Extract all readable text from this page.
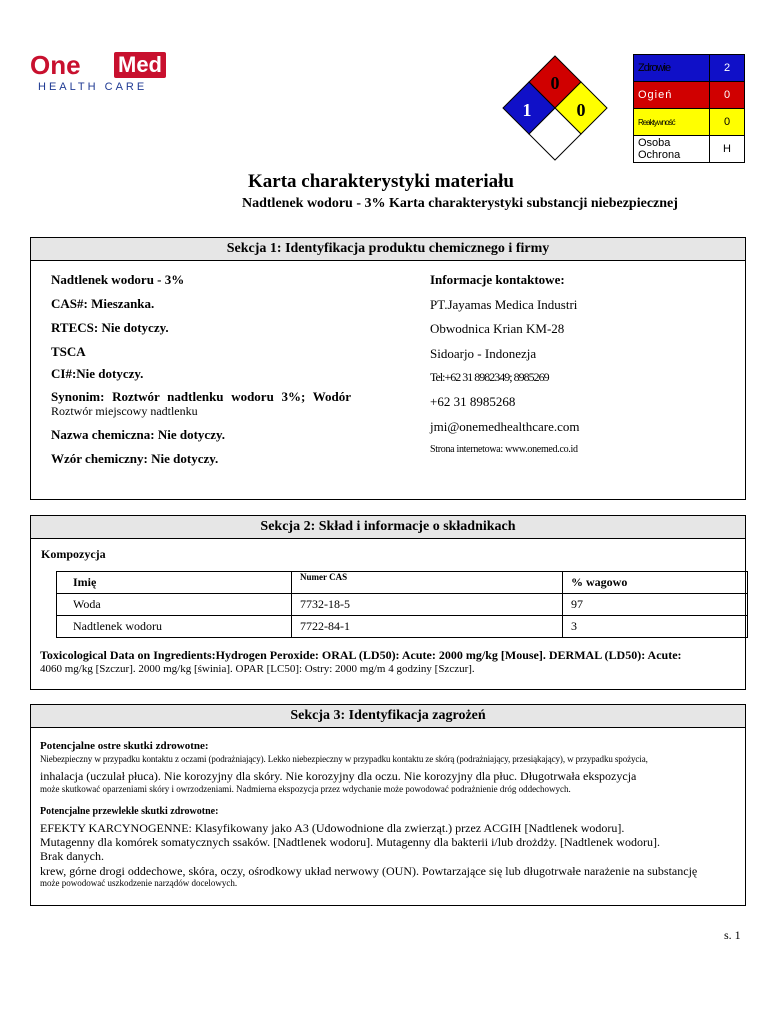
One Med
HEALTH CARE	0
1	0
Zdrowie	2
Ogień	0
Reaktywność	0
Osoba Ochrona	H
Karta charakterystyki materiału
Nadtlenek wodoru - 3% Karta charakterystyki substancji niebezpiecznej
Sekcja 1: Identyfikacja produktu chemicznego i firmy
Nadtlenek wodoru - 3%
CAS#: Mieszanka.
RTECS: Nie dotyczy.
TSCA
CI#:Nie dotyczy.
Synonim: Roztwór nadtlenku wodoru 3%; Wodór
Roztwór miejscowy nadtlenku
Nazwa chemiczna: Nie dotyczy.
Wzór chemiczny: Nie dotyczy.
Informacje kontaktowe:
PT.Jayamas Medica Industri
Obwodnica Krian KM-28
Sidoarjo - Indonezja
Tel:+62 31 8982349; 8985269
+62 31 8985268
jmi@onemedhealthcare.com
Strona internetowa: www.onemed.co.id
Sekcja 2: Skład i informacje o składnikach
Kompozycja
Imię	Numer CAS	% wagowo
Woda	7732-18-5	97
Nadtlenek wodoru	7722-84-1	3
Toxicological Data on Ingredients:Hydrogen Peroxide: ORAL (LD50): Acute: 2000 mg/kg [Mouse]. DERMAL (LD50): Acute:
4060 mg/kg [Szczur]. 2000 mg/kg [świnia]. OPAR [LC50]: Ostry: 2000 mg/m 4 godziny [Szczur].
Sekcja 3: Identyfikacja zagrożeń
Potencjalne ostre skutki zdrowotne:
Niebezpieczny w przypadku kontaktu z oczami (podrażniający). Lekko niebezpieczny w przypadku kontaktu ze skórą (podrażniający, przesiąkający), w przypadku spożycia,
inhalacja (uczulał płuca). Nie korozyjny dla skóry. Nie korozyjny dla oczu. Nie korozyjny dla płuc. Długotrwała ekspozycja
może skutkować oparzeniami skóry i owrzodzeniami. Nadmierna ekspozycja przez wdychanie może powodować podrażnienie dróg oddechowych.
Potencjalne przewlekłe skutki zdrowotne:
EFEKTY KARCYNOGENNE: Klasyfikowany jako A3 (Udowodnione dla zwierząt.) przez ACGIH [Nadtlenek wodoru].
Mutagenny dla komórek somatycznych ssaków. [Nadtlenek wodoru]. Mutagenny dla bakterii i/lub drożdży. [Nadtlenek wodoru].
Brak danych.
krew, górne drogi oddechowe, skóra, oczy, ośrodkowy układ nerwowy (OUN). Powtarzające się lub długotrwałe narażenie na substancję
może powodować uszkodzenie narządów docelowych.
s. 1
